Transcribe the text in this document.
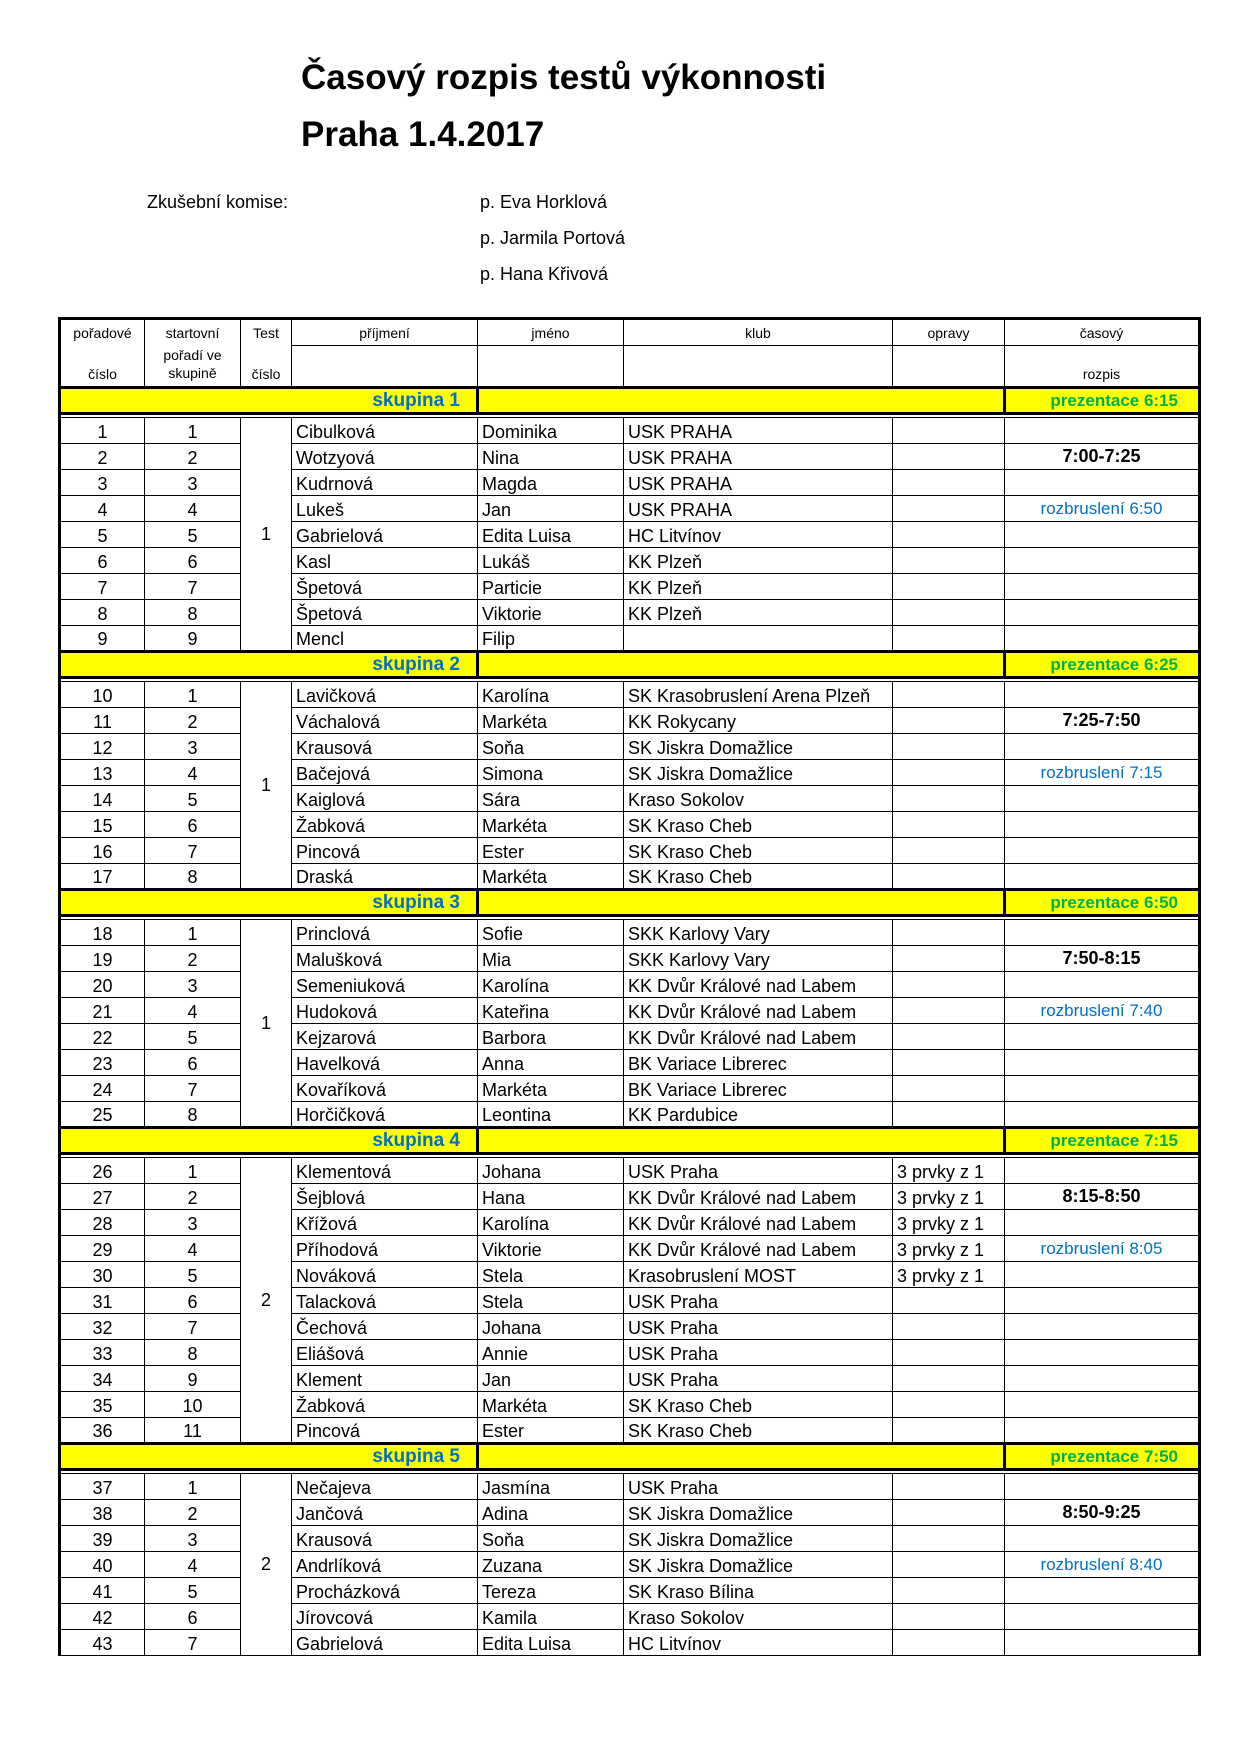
Časový rozpis testů výkonnosti
Praha 1.4.2017
Zkušební komise:	p. Eva Horklová
p. Jarmila Portová
p. Hana Křivová
pořadové	startovní	Test	příjmení	jméno	klub	opravy	časový
číslo	pořadí ve skupině	číslo					rozpis
skupina 1							prezentace 6:15

1	1	1	Cibulková	Dominika	USK PRAHA		
2	2		Wotzyová	Nina	USK PRAHA		7:00-7:25
3	3		Kudrnová	Magda	USK PRAHA		
4	4		Lukeš	Jan	USK PRAHA		rozbruslení 6:50
5	5		Gabrielová	Edita Luisa	HC Litvínov		
6	6		Kasl	Lukáš	KK Plzeň		
7	7		Špetová	Particie	KK Plzeň		
8	8		Špetová	Viktorie	KK Plzeň		
9	9		Mencl	Filip			
skupina 2							prezentace 6:25

10	1	1	Lavičková	Karolína	SK Krasobruslení Arena Plzeň		
11	2		Váchalová	Markéta	KK Rokycany		7:25-7:50
12	3		Krausová	Soňa	SK Jiskra Domažlice		
13	4		Bačejová	Simona	SK Jiskra Domažlice		rozbruslení 7:15
14	5		Kaiglová	Sára	Kraso Sokolov		
15	6		Žabková	Markéta	SK Kraso Cheb		
16	7		Pincová	Ester	SK Kraso Cheb		
17	8		Draská	Markéta	SK Kraso Cheb		
skupina 3							prezentace 6:50

18	1	1	Princlová	Sofie	SKK Karlovy Vary		
19	2		Malušková	Mia	SKK Karlovy Vary		7:50-8:15
20	3		Semeniuková	Karolína	KK Dvůr Králové nad Labem		
21	4		Hudoková	Kateřina	KK Dvůr Králové nad Labem		rozbruslení 7:40
22	5		Kejzarová	Barbora	KK Dvůr Králové nad Labem		
23	6		Havelková	Anna	BK Variace Librerec		
24	7		Kovaříková	Markéta	BK Variace Librerec		
25	8		Horčičková	Leontina	KK Pardubice		
skupina 4							prezentace 7:15

26	1	2	Klementová	Johana	USK Praha	3 prvky z 1	
27	2		Šejblová	Hana	KK Dvůr Králové nad Labem	3 prvky z 1	8:15-8:50
28	3		Křížová	Karolína	KK Dvůr Králové nad Labem	3 prvky z 1	
29	4		Příhodová	Viktorie	KK Dvůr Králové nad Labem	3 prvky z 1	rozbruslení 8:05
30	5		Nováková	Stela	Krasobruslení MOST	3 prvky z 1	
31	6		Talacková	Stela	USK Praha		
32	7		Čechová	Johana	USK Praha		
33	8		Eliášová	Annie	USK Praha		
34	9		Klement	Jan	USK Praha		
35	10		Žabková	Markéta	SK Kraso Cheb		
36	11		Pincová	Ester	SK Kraso Cheb		
skupina 5							prezentace 7:50

37	1	2	Nečajeva	Jasmína	USK Praha		
38	2		Jančová	Adina	SK Jiskra Domažlice		8:50-9:25
39	3		Krausová	Soňa	SK Jiskra Domažlice		
40	4		Andrlíková	Zuzana	SK Jiskra Domažlice		rozbruslení 8:40
41	5		Procházková	Tereza	SK Kraso Bílina		
42	6		Jírovcová	Kamila	Kraso Sokolov		
43	7		Gabrielová	Edita Luisa	HC Litvínov		
